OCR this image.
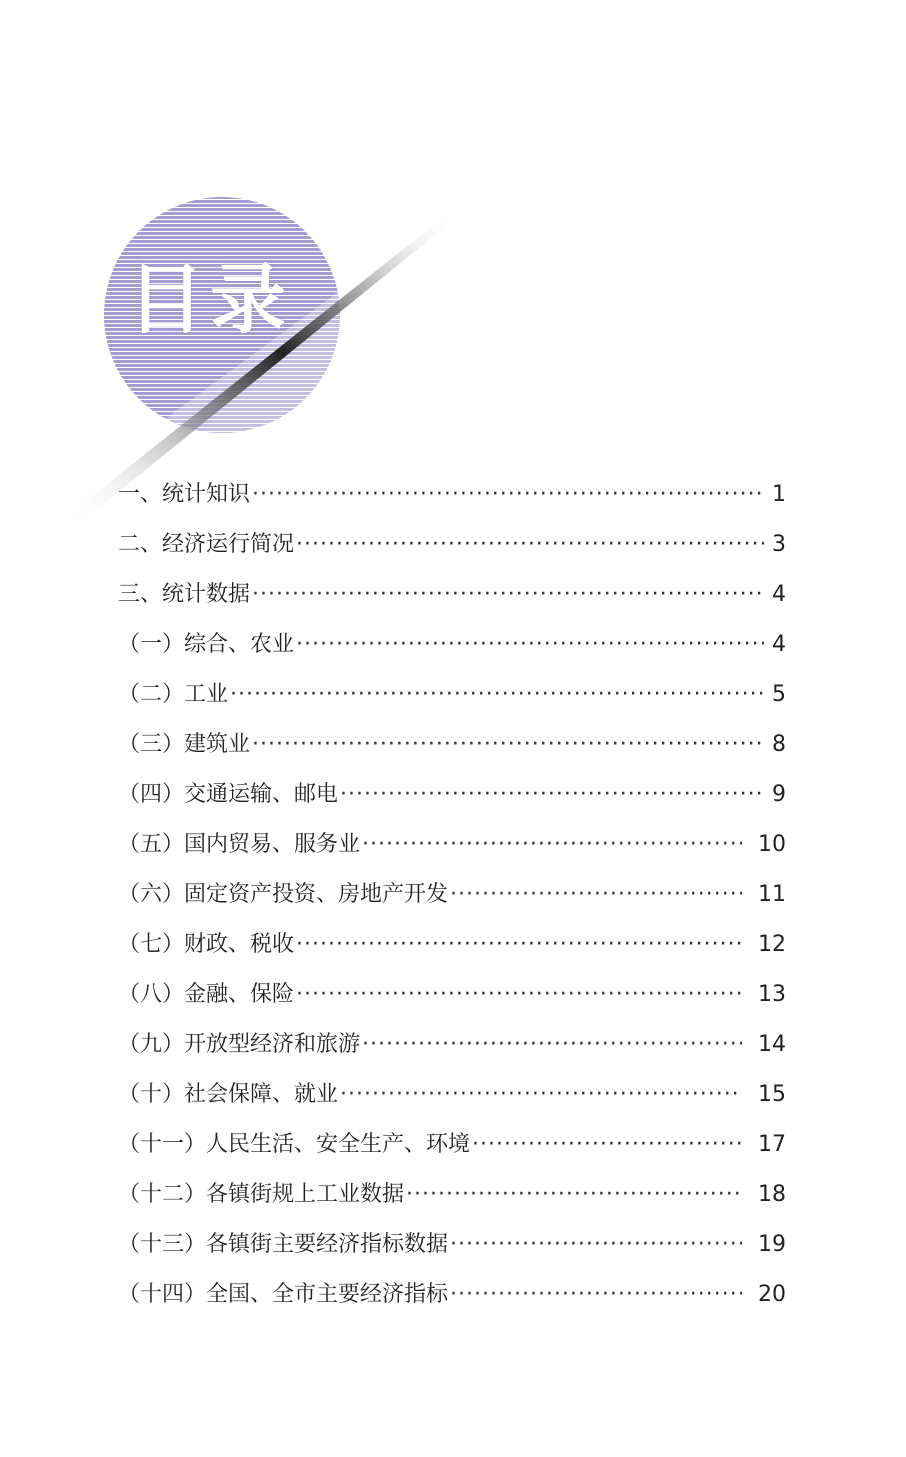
目录
一、统计知识 ·····	1
二、经济运行简况 ·····	3
三、统计数据 ·····	4
（一）综合、农业 ·····	4
（二）工业 ·····	5
（三）建筑业 ·····	8
（四）交通运输、邮电 ·····	9
（五）国内贸易、服务业 ·····	10
（六）固定资产投资、房地产开发 ·····	11
（七）财政、税收 ·····	12
（八）金融、保险 ·····	13
（九）开放型经济和旅游 ·····	14
（十）社会保障、就业 ·····	15
（十一）人民生活、安全生产、环境 ·····	17
（十二）各镇街规上工业数据 ·····	18
（十三）各镇街主要经济指标数据 ·····	19
（十四）全国、全市主要经济指标 ·····	20
